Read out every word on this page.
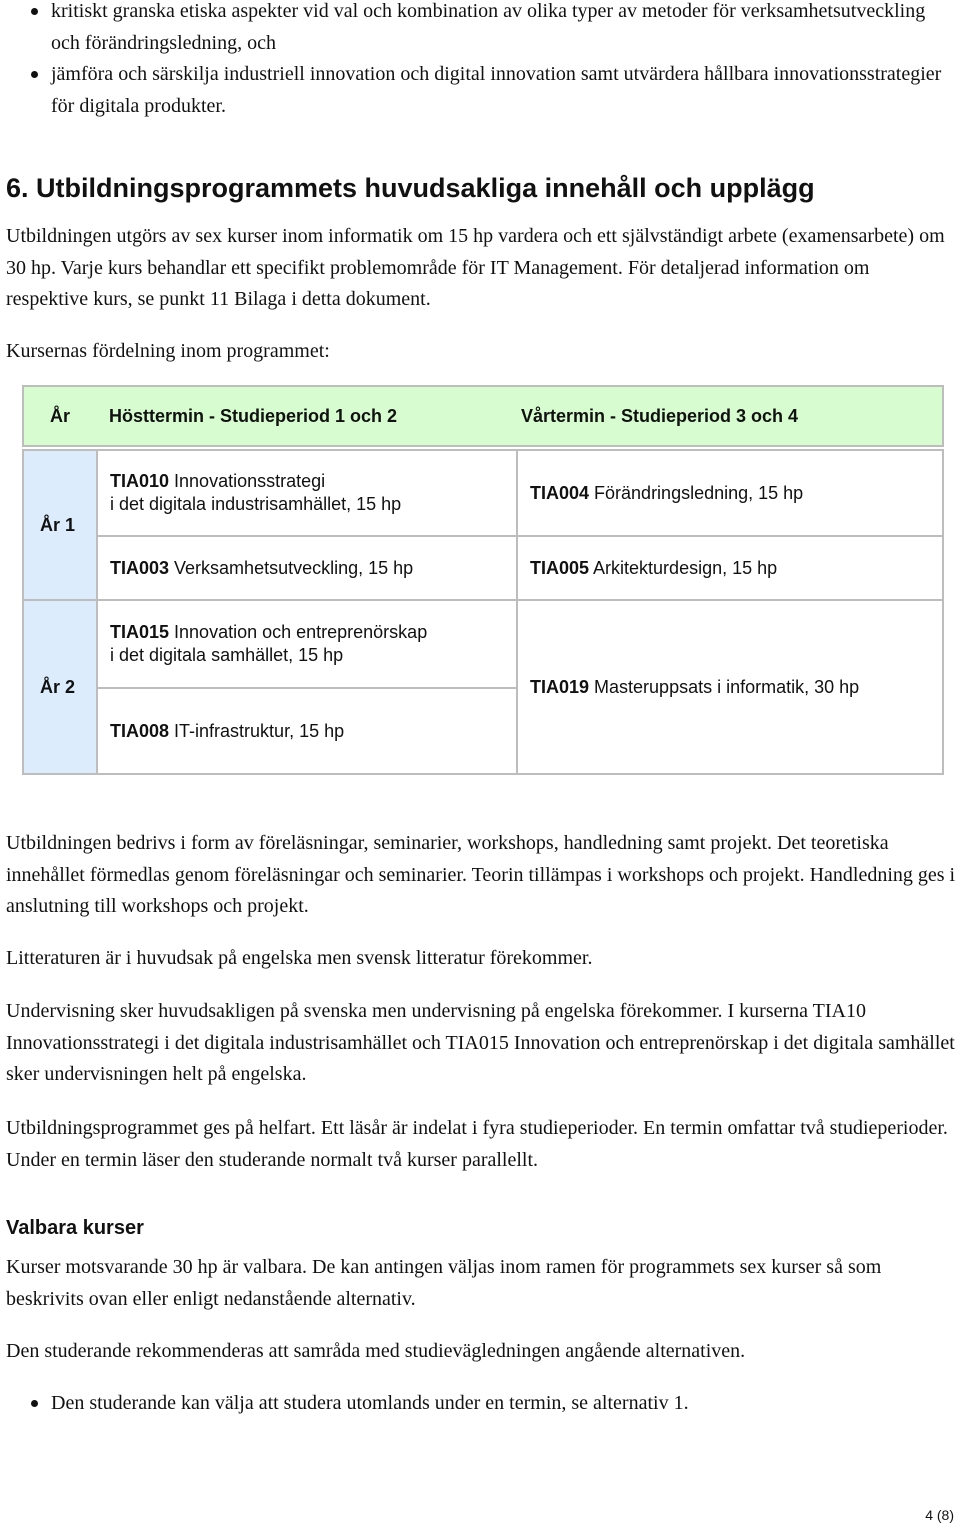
kritiskt granska etiska aspekter vid val och kombination av olika typer av metoder för verksamhetsutveckling och förändringsledning, och
jämföra och särskilja industriell innovation och digital innovation samt utvärdera hållbara innovationsstrategier för digitala produkter.
6. Utbildningsprogrammets huvudsakliga innehåll och upplägg

Utbildningen utgörs av sex kurser inom informatik om 15 hp vardera och ett självständigt arbete (examensarbete) om 30 hp. Varje kurs behandlar ett specifikt problemområde för IT Management. För detaljerad information om respektive kurs, se punkt 11 Bilaga i detta dokument.

Kursernas fördelning inom programmet:

År	Hösttermin - Studieperiod 1 och 2	Vårtermin - Studieperiod 3 och 4

År 1	TIA010 Innovationsstrategi
i det digitala industrisamhället, 15 hp	TIA004 Förändringsledning, 15 hp
	TIA003 Verksamhetsutveckling, 15 hp	TIA005 Arkitekturdesign, 15 hp
År 2	TIA015 Innovation och entreprenörskap
i det digitala samhället, 15 hp	TIA019 Masteruppsats i informatik, 30 hp
	TIA008 IT-infrastruktur, 15 hp	

Utbildningen bedrivs i form av föreläsningar, seminarier, workshops, handledning samt projekt. Det teoretiska innehållet förmedlas genom föreläsningar och seminarier. Teorin tillämpas i workshops och projekt. Handledning ges i anslutning till workshops och projekt.

Litteraturen är i huvudsak på engelska men svensk litteratur förekommer.

Undervisning sker huvudsakligen på svenska men undervisning på engelska förekommer. I kurserna TIA10 Innovationsstrategi i det digitala industrisamhället och TIA015 Innovation och entreprenörskap i det digitala samhället sker undervisningen helt på engelska.

Utbildningsprogrammet ges på helfart. Ett läsår är indelat i fyra studieperioder. En termin omfattar två studieperioder. Under en termin läser den studerande normalt två kurser parallellt.

Valbara kurser

Kurser motsvarande 30 hp är valbara. De kan antingen väljas inom ramen för programmets sex kurser så som beskrivits ovan eller enligt nedanstående alternativ.

Den studerande rekommenderas att samråda med studievägledningen angående alternativen.

Den studerande kan välja att studera utomlands under en termin, se alternativ 1.
4 (8)
